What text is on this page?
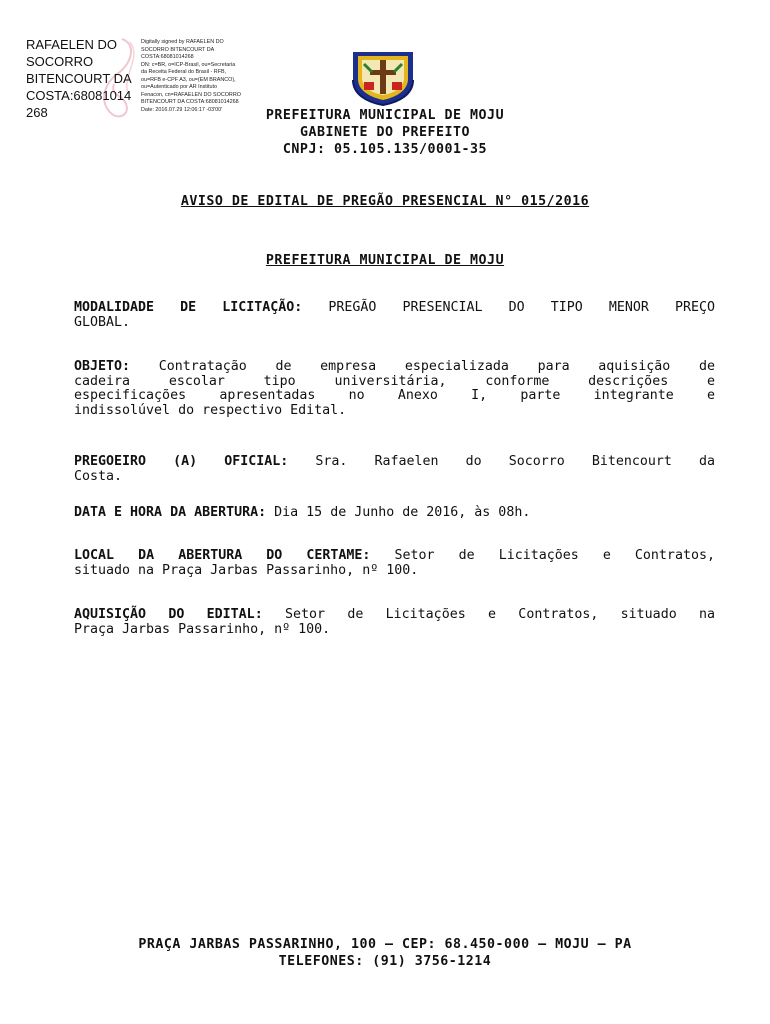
RAFAELEN DO
SOCORRO
BITENCOURT DA
COSTA:68081014
268
Digitally signed by RAFAELEN DO
SOCORRO BITENCOURT DA
COSTA:68081014268
DN: c=BR, o=ICP-Brasil, ou=Secretaria
da Receita Federal do Brasil - RFB,
ou=RFB e-CPF A3, ou=(EM BRANCO),
ou=Autenticado por AR Instituto
Fenacon, cn=RAFAELEN DO SOCORRO
BITENCOURT DA COSTA:68081014268
Date: 2016.07.29 12:06:17 -03'00'	PREFEITURA MUNICIPAL DE MOJU
GABINETE DO PREFEITO
CNPJ: 05.105.135/0001-35
AVISO DE EDITAL DE PREGÃO PRESENCIAL N° 015/2016
PREFEITURA MUNICIPAL DE MOJU
MODALIDADE DE LICITAÇÃO: PREGÃO PRESENCIAL DO TIPO MENOR PREÇO
GLOBAL.
OBJETO: Contratação de empresa especializada para aquisição de
cadeira escolar tipo universitária, conforme descrições e
especificações apresentadas no Anexo I, parte integrante e
indissolúvel do respectivo Edital.
PREGOEIRO (A) OFICIAL: Sra. Rafaelen do Socorro Bitencourt da
Costa.
DATA E HORA DA ABERTURA: Dia 15 de Junho de 2016, às 08h.
LOCAL DA ABERTURA DO CERTAME: Setor de Licitações e Contratos,
situado na Praça Jarbas Passarinho, nº 100.
AQUISIÇÃO DO EDITAL: Setor de Licitações e Contratos, situado na
Praça Jarbas Passarinho, nº 100.
PRAÇA JARBAS PASSARINHO, 100 – CEP: 68.450-000 – MOJU – PA
TELEFONES: (91) 3756-1214
